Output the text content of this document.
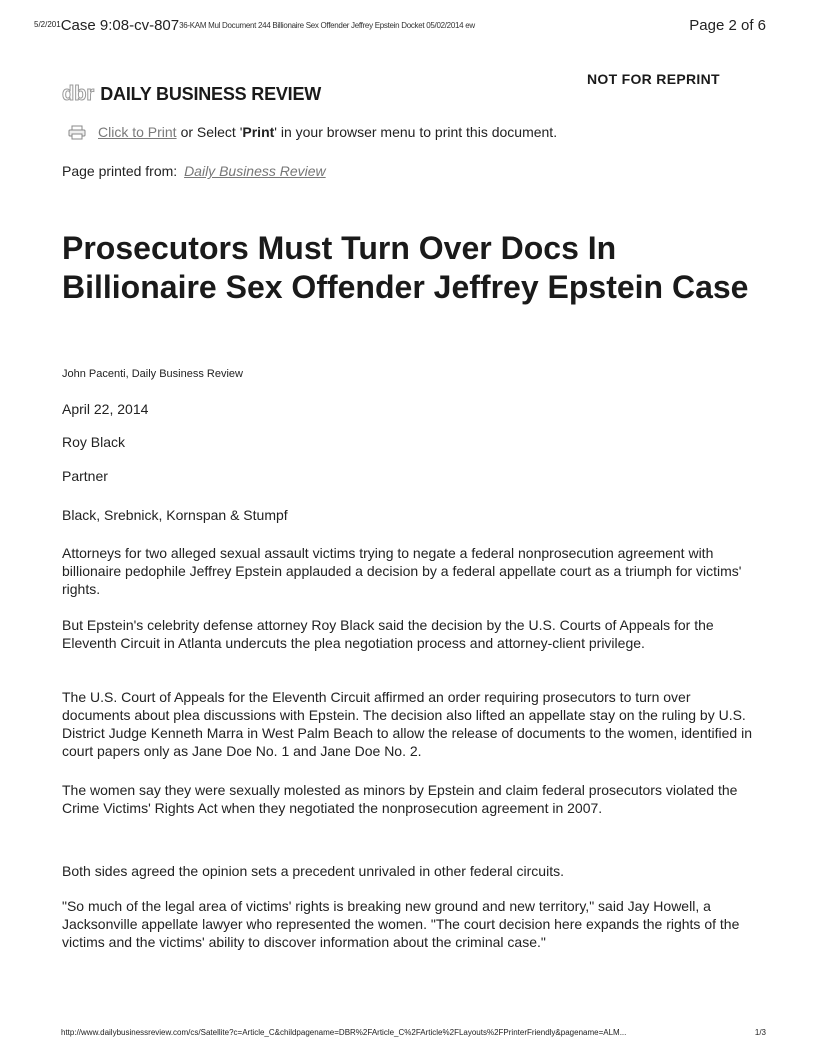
$^{5/2/201}$Case 9:08-cv-80736-KAM Mul Document 244 Billionaire Sex Offender Jeffrey Epstein Docket 05/02/2014 ew	Page 2 of 6
NOT FOR REPRINT
dbr DAILY BUSINESS REVIEW
Click to Print or Select ' Print ' in your browser menu to print this document.
Page printed from: Daily Business Review
Prosecutors Must Turn Over Docs In Billionaire Sex Offender Jeffrey Epstein Case
John Pacenti, Daily Business Review
April 22, 2014
Roy Black
Partner
Black, Srebnick, Kornspan & Stumpf

Attorneys for two alleged sexual assault victims trying to negate a federal nonprosecution agreement with billionaire pedophile Jeffrey Epstein applauded a decision by a federal appellate court as a triumph for victims' rights.

But Epstein's celebrity defense attorney Roy Black said the decision by the U.S. Courts of Appeals for the Eleventh Circuit in Atlanta undercuts the plea negotiation process and attorney-client privilege.

The U.S. Court of Appeals for the Eleventh Circuit affirmed an order requiring prosecutors to turn over documents about plea discussions with Epstein. The decision also lifted an appellate stay on the ruling by U.S. District Judge Kenneth Marra in West Palm Beach to allow the release of documents to the women, identified in court papers only as Jane Doe No. 1 and Jane Doe No. 2.

The women say they were sexually molested as minors by Epstein and claim federal prosecutors violated the Crime Victims' Rights Act when they negotiated the nonprosecution agreement in 2007.

Both sides agreed the opinion sets a precedent unrivaled in other federal circuits.

"So much of the legal area of victims' rights is breaking new ground and new territory," said Jay Howell, a Jacksonville appellate lawyer who represented the women. "The court decision here expands the rights of the victims and the victims' ability to discover information about the criminal case."

http://www.dailybusinessreview.com/cs/Satellite?c=Article_C&childpagename=DBR%2FArticle_C%2FArticle%2FLayouts%2FPrinterFriendly&pagename=ALM...	1/3
